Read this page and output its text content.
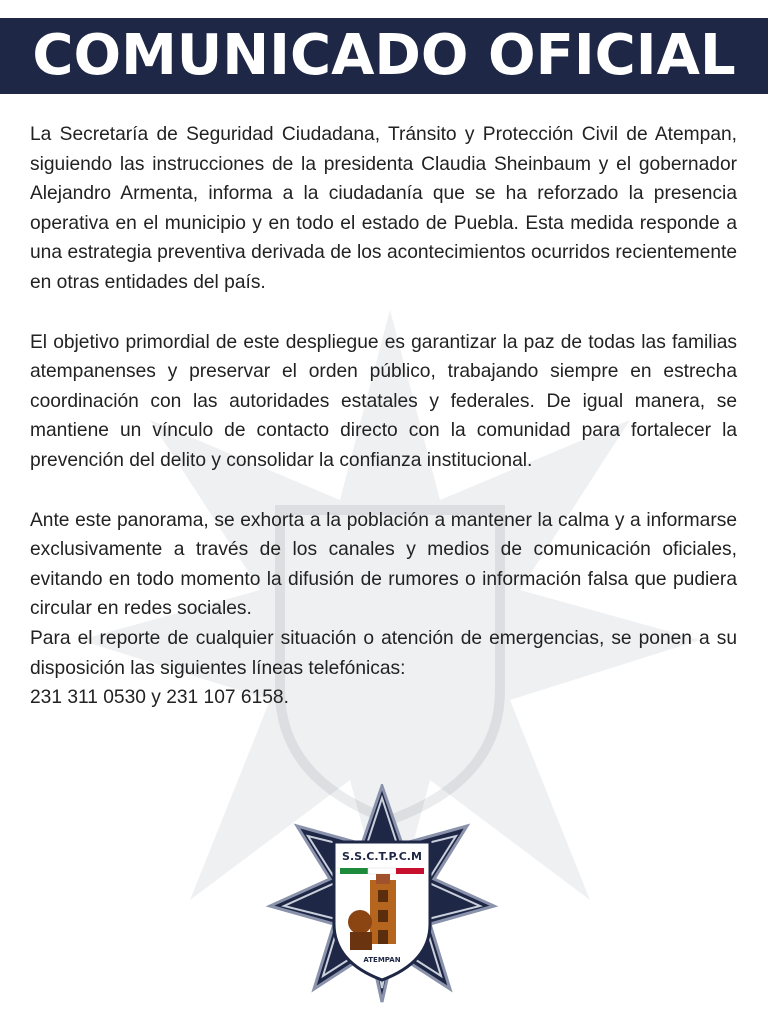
COMUNICADO OFICIAL

La Secretaría de Seguridad Ciudadana, Tránsito y Protección Civil de Atempan, siguiendo las instrucciones de la presidenta Claudia Sheinbaum y el gobernador Alejandro Armenta, informa a la ciudadanía que se ha reforzado la presencia operativa en el municipio y en todo el estado de Puebla. Esta medida responde a una estrategia preventiva derivada de los acontecimientos ocurridos recientemente en otras entidades del país.

El objetivo primordial de este despliegue es garantizar la paz de todas las familias atempanenses y preservar el orden público, trabajando siempre en estrecha coordinación con las autoridades estatales y federales. De igual manera, se mantiene un vínculo de contacto directo con la comunidad para fortalecer la prevención del delito y consolidar la confianza institucional.

Ante este panorama, se exhorta a la población a mantener la calma y a informarse exclusivamente a través de los canales y medios de comunicación oficiales, evitando en todo momento la difusión de rumores o información falsa que pudiera circular en redes sociales.

Para el reporte de cualquier situación o atención de emergencias, se ponen a su disposición las siguientes líneas telefónicas:

231 311 0530 y 231 107 6158.

S.S.C.T.P.C.M
ATEMPAN
